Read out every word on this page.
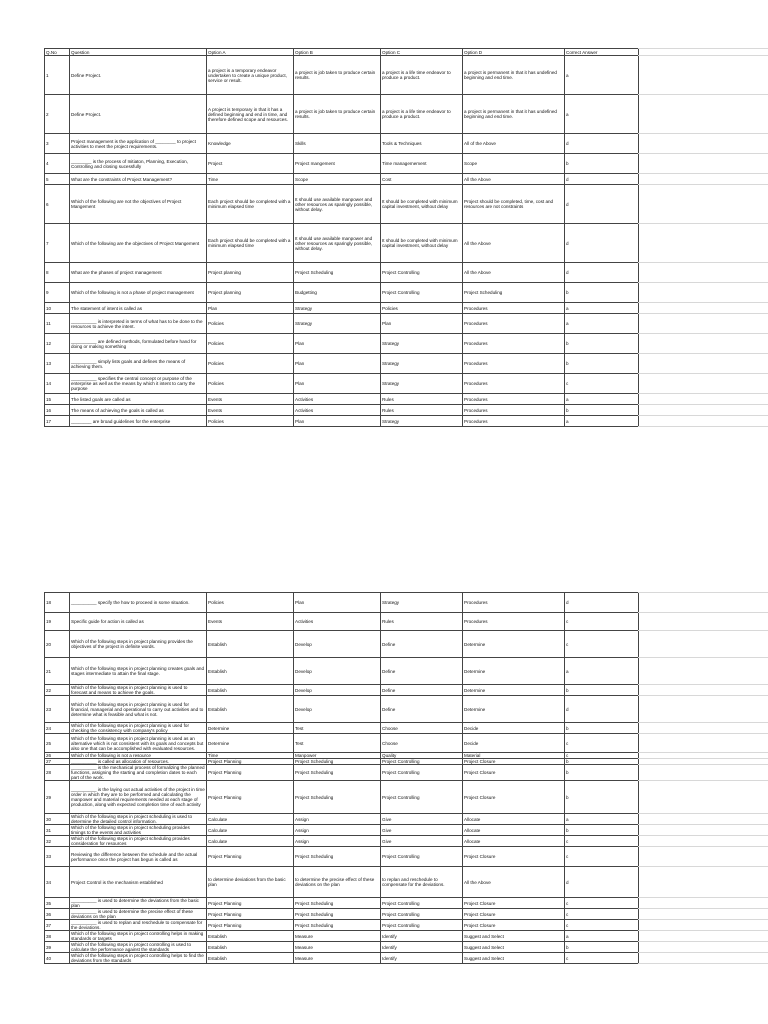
Q.No	Question	Option A	Option B	Option C	Option D	Correct Answer
1	Define Project.	a project is a temporary endeavor undertaken to create a unique product, service or result.	a project is job taken to produce certain results.	a project is a life time endeavor to produce a product.	a project is permanent in that it has undefined beginning and end time.	a
2	Define Project.	A project is temporary in that it has a defined beginning and end in time, and therefore defined scope and resources.	a project is job taken to produce certain results.	a project is a life time endeavor to produce a product.	a project is permanent in that it has undefined beginning and end time.	a
3	Project management is the application of ________ to project activities to meet the project requirements.	Knowledge	Skills	Tools & Techniques	All of the Above	d
4	________ is the process of Initiaton, Planning, Execution, Controlling and closing sucessfully	Project	Project mangement	Time managemement	Scope	b
5	What are the constraints of Project Management?	Time	Scope	Cost	All the Above	d
6	Which of the following are not the objectives of Project Mangement	Each project should be completed with a minimum elapsed time	It should use available manpower and other resources as sparingly possible, without delay.	It should be completed with minimum capital investment, without delay	Project should be completed, time, cost and resources are not constraints	d
7	Which of the following are the objectives of Project Mangement	Each project should be completed with a minimum elapsed time	It should use available manpower and other resources as sparingly possible, without delay.	It should be completed with minimum capital investment, without delay	All the Above	d
8	What are the phases of project management	Project planning	Project Scheduling	Project Controlling	All the Above	d
9	Which of the following is not a phase of project management	Project planning	Budgetting	Project Controlling	Project Scheduling	b
10	The statement of intent is called as	Plan	Strategy	Policies	Procedures	a
11	__________ is interpreted in terms of what has to be done to the resources to achieve the intent.	Policies	Strategy	Plan	Procedures	a
12	__________ are defined methods, formulated before hand for doing or making something	Policies	Plan	Strategy	Procedures	b
13	__________ simply lists goals and defines the means of achieving them.	Policies	Plan	Strategy	Procedures	b
14	__________ specifies the central concept or purpose of the enterprise as well as the means by which it intent to carry the purpose	Policies	Plan	Strategy	Procedures	c
15	The listed goals are called as	Events	Activities	Rules	Procedures	a
16	The means of achieving the goals is called as	Events	Activities	Rules	Procedures	b
17	________ are broad guidelines for the enterprise	Policies	Plan	Strategy	Procedures	a
18	__________ specify the how to proceed in some situation.	Policies	Plan	Strategy	Procedures	d
19	Specific guide for action is called as	Events	Activities	Rules	Procedures	c
20	Which of the following steps in project planning provides the objectives of the project in definite words.	Establish	Develop	Define	Determine	c
21	Which of the following steps in project planning creates goals and stages intermediate to attain the final stage.	Establish	Develop	Define	Determine	a
22	Which of the following steps in project planning is used to forecast and means to achieve the goals.	Establish	Develop	Define	Determine	b
23	Which of the following steps in project planning is used for financial, managerial and operational to carry out activities and to determine what is feasible and what is not.	Establish	Develop	Define	Determine	d
24	Which of the following steps in project planning is used for checking the consistency with company's policy	Determine	Test	Choose	Decide	b
25	Which of the following steps in project planning is used as an alternative which is not consistent with its goals and concepts but also one that can be accomplished with evaluated resources.	Determine	Test	Choose	Decide	c
26	Which of the following is not a resource	Time	Manpower	Quality	Material	c
27	__________ is called as allocation of resources.	Project Planning	Project Scheduling	Project Controlling	Project Closure	b
28	__________ is the mechanical process of formalizing the planned functions, assigning the starting and completion dates to each part of the work.	Project Planning	Project Scheduling	Project Controlling	Project Closure	b
29	__________ is the laying out actual activities of the project in time order in which they are to be performed and calculating the manpower and material requirements needed at each stage of production, along with expected completion time of each activity	Project Planning	Project Scheduling	Project Controlling	Project Closure	b
30	Which of the following steps in project scheduling is used to determine the detailed control information.	Calculate	Assign	Give	Allocate	a
31	Which of the following steps in project scheduling provides timings to the events and activities	Calculate	Assign	Give	Allocate	b
32	Which of the following steps in project scheduling provides consideration for resources	Calculate	Assign	Give	Allocate	c
33	Reviewing the difference between the schedule and the actual performance once the project has begun is called as	Project Planning	Project Scheduling	Project Controlling	Project Closure	c
34	Project Control is the mechanism established	to determine deviations from the basic plan	to determine the precise effect of these deviations on the plan	to replan and reschedule to compensate for the deviations.	All the Above	d
35	__________ is used to determine the deviations from the basic plan	Project Planning	Project Scheduling	Project Controlling	Project Closure	c
36	__________ is used to determine the precise effect of these deviations on the plan	Project Planning	Project Scheduling	Project Controlling	Project Closure	c
37	__________ is used to replan and reschedule to compensate for the deviations.	Project Planning	Project Scheduling	Project Controlling	Project Closure	c
38	Which of the following steps in project controlling helps in making standards or targets	Establish	Measure	Identify	Suggest and Select	a
39	Which of the following steps in project controlling is used to calculate the performance against the standards	Establish	Measure	Identify	Suggest and Select	b
40	Which of the following steps in project controlling helps to find the deviations from the standards	Establish	Measure	Identify	Suggest and Select	c
